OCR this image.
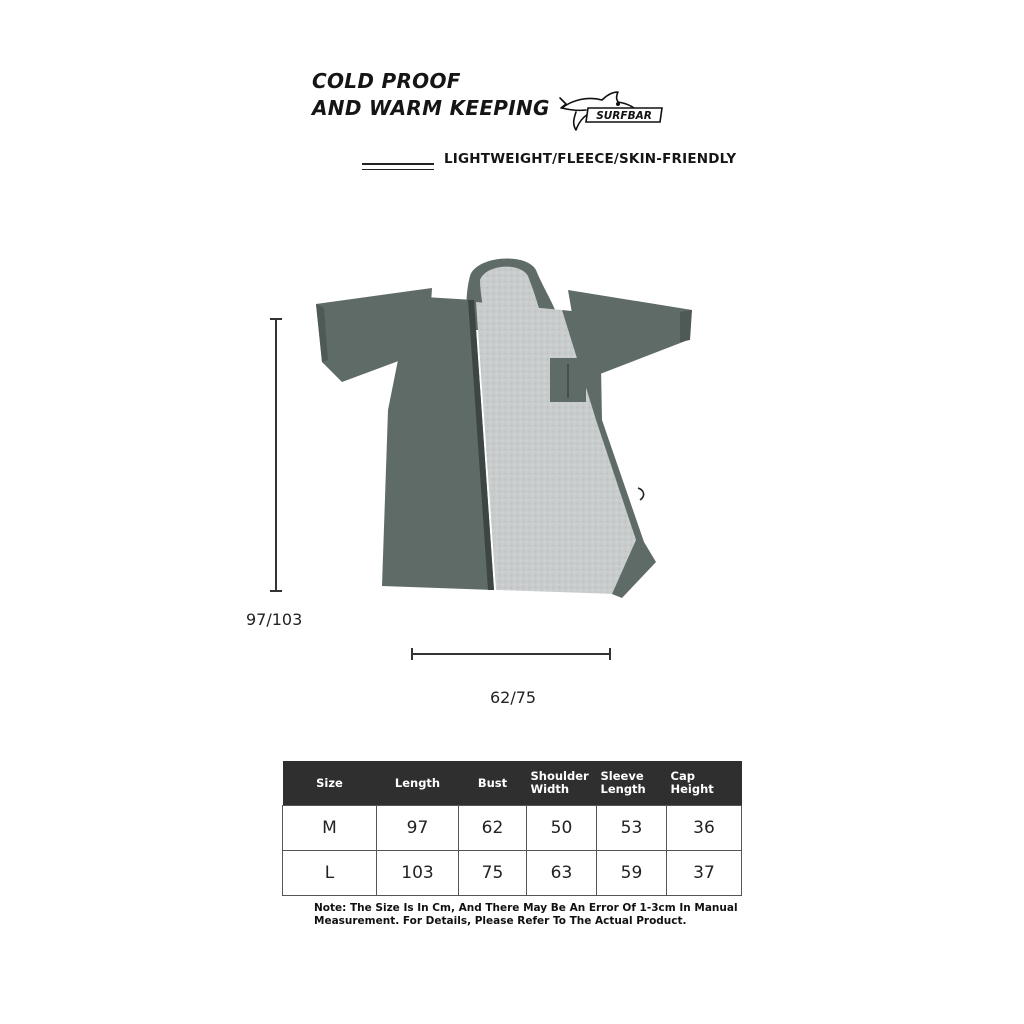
COLD PROOF
AND WARM KEEPING	SURFBAR
LIGHTWEIGHT/FLEECE/SKIN-FRIENDLY
97/103
62/75
Size	Length	Bust	Shoulder Width	Sleeve Length	Cap Height
M	97	62	50	53	36
L	103	75	63	59	37
Note: The Size Is In Cm, And There May Be An Error Of 1-3cm In Manual Measurement. For Details, Please Refer To The Actual Product.
